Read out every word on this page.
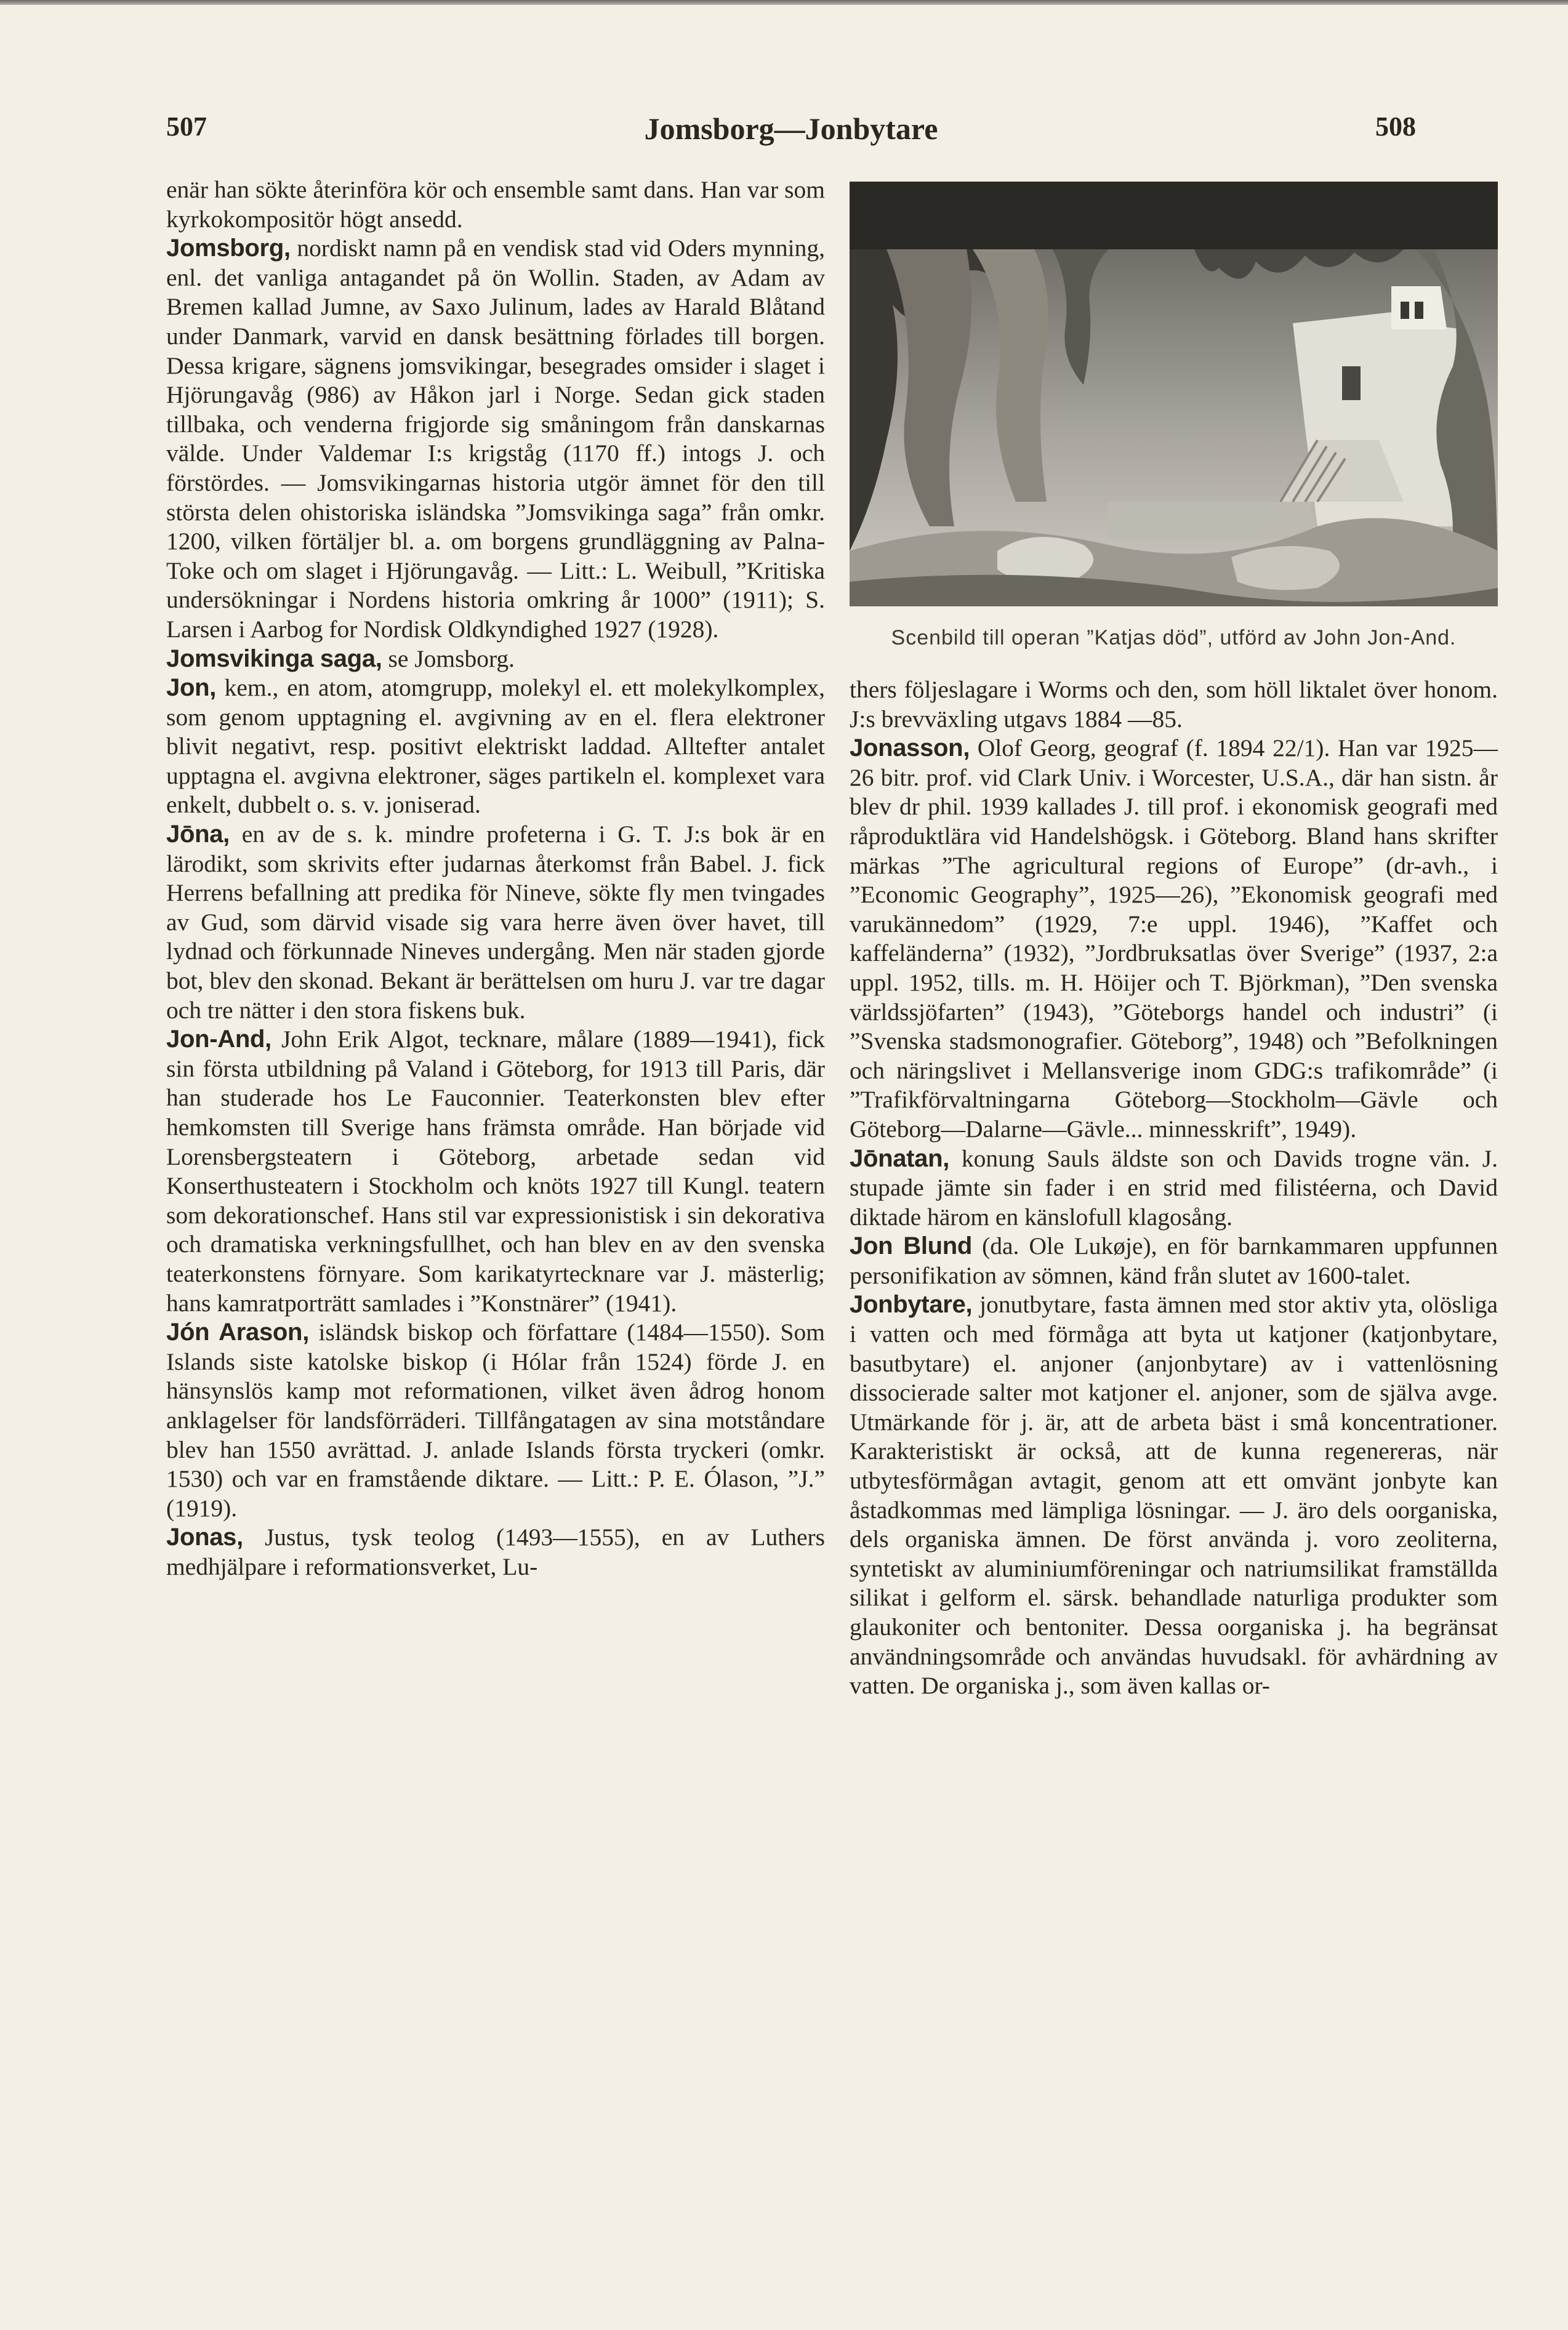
507	Jomsborg—Jonbytare	508

enär han sökte återinföra kör och ensemble samt dans. Han var som kyrkokompositör högt ansedd.

Jomsborg, nordiskt namn på en vendisk stad vid Oders mynning, enl. det vanliga antagandet på ön Wollin. Staden, av Adam av Bremen kallad Jumne, av Saxo Julinum, lades av Harald Blåtand under Danmark, varvid en dansk besättning förlades till borgen. Dessa krigare, sägnens jomsvikingar, besegrades omsider i slaget i Hjörungavåg (986) av Håkon jarl i Norge. Sedan gick staden tillbaka, och venderna frigjorde sig småningom från danskarnas välde. Under Valdemar I:s krigståg (1170 ff.) intogs J. och förstördes. — Jomsvikingarnas historia utgör ämnet för den till största delen ohistoriska isländska ”Jomsvikinga saga” från omkr. 1200, vilken förtäljer bl. a. om borgens grundläggning av Palna-Toke och om slaget i Hjörungavåg. — Litt.: L. Weibull, ”Kritiska undersökningar i Nordens historia omkring år 1000” (1911); S. Larsen i Aarbog for Nordisk Oldkyndighed 1927 (1928).

Jomsvikinga saga, se Jomsborg.

Jon, kem., en atom, atomgrupp, molekyl el. ett molekylkomplex, som genom upptagning el. avgivning av en el. flera elektroner blivit negativt, resp. positivt elektriskt laddad. Alltefter antalet upptagna el. avgivna elektroner, säges partikeln el. komplexet vara enkelt, dubbelt o. s. v. joniserad.

Jōna, en av de s. k. mindre profeterna i G. T. J:s bok är en lärodikt, som skrivits efter judarnas återkomst från Babel. J. fick Herrens befallning att predika för Nineve, sökte fly men tvingades av Gud, som därvid visade sig vara herre även över havet, till lydnad och förkunnade Nineves undergång. Men när staden gjorde bot, blev den skonad. Bekant är berättelsen om huru J. var tre dagar och tre nätter i den stora fiskens buk.

Jon-And, John Erik Algot, tecknare, målare (1889—1941), fick sin första utbildning på Valand i Göteborg, for 1913 till Paris, där han studerade hos Le Fauconnier. Teaterkonsten blev efter hemkomsten till Sverige hans främsta område. Han började vid Lorensbergsteatern i Göteborg, arbetade sedan vid Konserthusteatern i Stockholm och knöts 1927 till Kungl. teatern som dekorationschef. Hans stil var expressionistisk i sin dekorativa och dramatiska verkningsfullhet, och han blev en av den svenska teaterkonstens förnyare. Som karikatyrtecknare var J. mästerlig; hans kamratporträtt samlades i ”Konstnärer” (1941).

Jón Arason, isländsk biskop och författare (1484—1550). Som Islands siste katolske biskop (i Hólar från 1524) förde J. en hänsynslös kamp mot reformationen, vilket även ådrog honom anklagelser för landsförräderi. Tillfångatagen av sina motståndare blev han 1550 avrättad. J. anlade Islands första tryckeri (omkr. 1530) och var en framstående diktare. — Litt.: P. E. Ólason, ”J.” (1919).

Jonas, Justus, tysk teolog (1493—1555), en av Luthers medhjälpare i reformationsverket, Lu-

Scenbild till operan ”Katjas död”, utförd av John Jon-And.

thers följeslagare i Worms och den, som höll liktalet över honom. J:s brevväxling utgavs 1884 —85.

Jonasson, Olof Georg, geograf (f. 1894 22/1). Han var 1925—26 bitr. prof. vid Clark Univ. i Worcester, U.S.A., där han sistn. år blev dr phil. 1939 kallades J. till prof. i ekonomisk geografi med råproduktlära vid Handelshögsk. i Göteborg. Bland hans skrifter märkas ”The agricultural regions of Europe” (dr-avh., i ”Economic Geography”, 1925—26), ”Ekonomisk geografi med varukännedom” (1929, 7:e uppl. 1946), ”Kaffet och kaffeländerna” (1932), ”Jordbruksatlas över Sverige” (1937, 2:a uppl. 1952, tills. m. H. Höijer och T. Björkman), ”Den svenska världssjöfarten” (1943), ”Göteborgs handel och industri” (i ”Svenska stadsmonografier. Göteborg”, 1948) och ”Befolkningen och näringslivet i Mellansverige inom GDG:s trafikområde” (i ”Trafikförvaltningarna Göteborg—Stockholm—Gävle och Göteborg—Dalarne—Gävle... minnesskrift”, 1949).

Jōnatan, konung Sauls äldste son och Davids trogne vän. J. stupade jämte sin fader i en strid med filistéerna, och David diktade härom en känslofull klagosång.

Jon Blund (da. Ole Lukøje), en för barnkammaren uppfunnen personifikation av sömnen, känd från slutet av 1600-talet.

Jonbytare, jonutbytare, fasta ämnen med stor aktiv yta, olösliga i vatten och med förmåga att byta ut katjoner (katjonbytare, basutbytare) el. anjoner (anjonbytare) av i vattenlösning dissocierade salter mot katjoner el. anjoner, som de själva avge. Utmärkande för j. är, att de arbeta bäst i små koncentrationer. Karakteristiskt är också, att de kunna regenereras, när utbytesförmågan avtagit, genom att ett omvänt jonbyte kan åstadkommas med lämpliga lösningar. — J. äro dels oorganiska, dels organiska ämnen. De först använda j. voro zeoliterna, syntetiskt av aluminiumföreningar och natriumsilikat framställda silikat i gelform el. särsk. behandlade naturliga produkter som glaukoniter och bentoniter. Dessa oorganiska j. ha begränsat användningsområde och användas huvudsakl. för avhärdning av vatten. De organiska j., som även kallas or-
